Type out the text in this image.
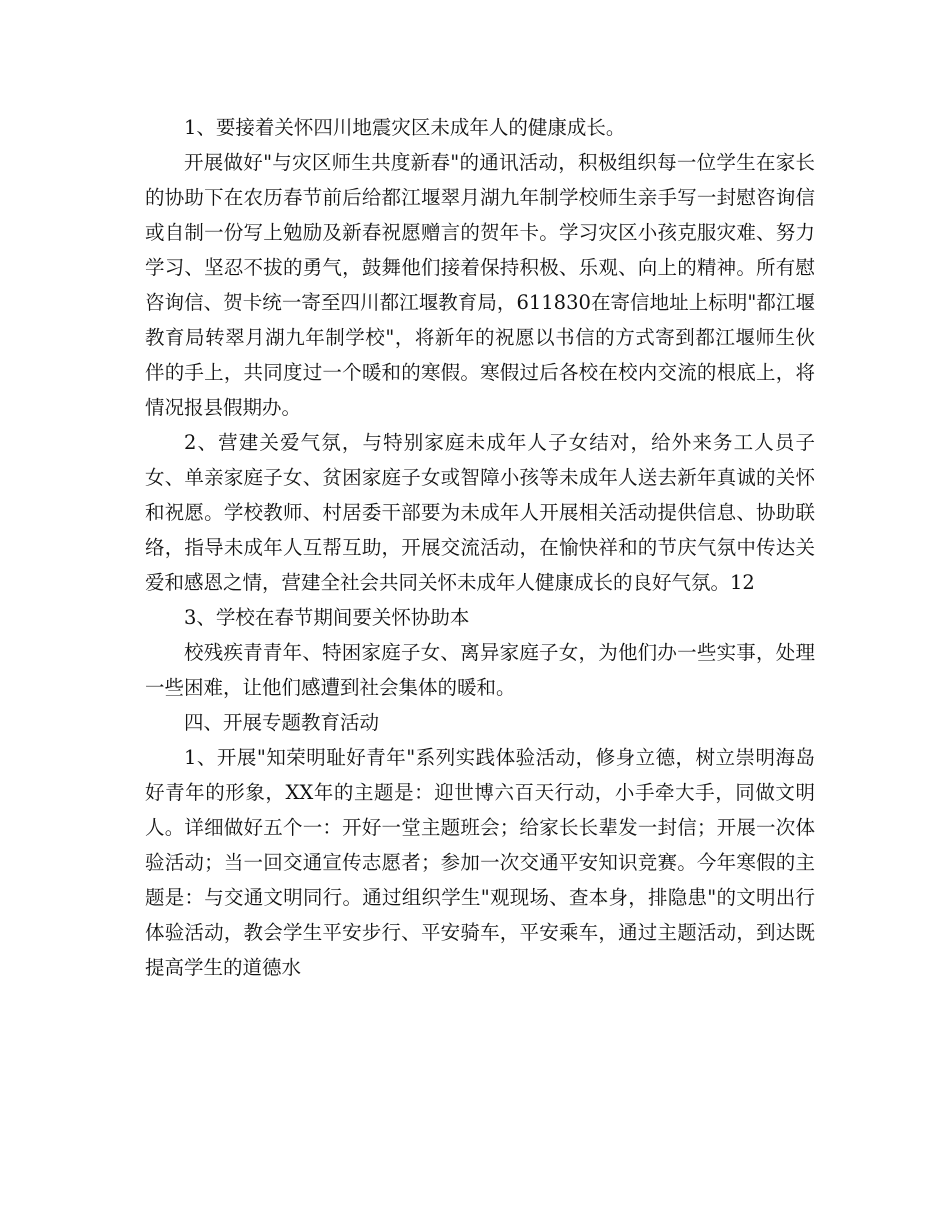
1、要接着关怀四川地震灾区未成年人的健康成长。

开展做好"与灾区师生共度新春"的通讯活动，积极组织每一位学生在家长的协助下在农历春节前后给都江堰翠月湖九年制学校师生亲手写一封慰咨询信或自制一份写上勉励及新春祝愿赠言的贺年卡。学习灾区小孩克服灾难、努力学习、坚忍不拔的勇气，鼓舞他们接着保持积极、乐观、向上的精神。所有慰咨询信、贺卡统一寄至四川都江堰教育局，611830在寄信地址上标明"都江堰教育局转翠月湖九年制学校"，将新年的祝愿以书信的方式寄到都江堰师生伙伴的手上，共同度过一个暖和的寒假。寒假过后各校在校内交流的根底上，将情况报县假期办。

2、营建关爱气氛，与特别家庭未成年人子女结对，给外来务工人员子女、单亲家庭子女、贫困家庭子女或智障小孩等未成年人送去新年真诚的关怀和祝愿。学校教师、村居委干部要为未成年人开展相关活动提供信息、协助联络，指导未成年人互帮互助，开展交流活动，在愉快祥和的节庆气氛中传达关爱和感恩之情，营建全社会共同关怀未成年人健康成长的良好气氛。12

3、学校在春节期间要关怀协助本

校残疾青青年、特困家庭子女、离异家庭子女，为他们办一些实事，处理一些困难，让他们感遭到社会集体的暖和。

四、开展专题教育活动

1、开展"知荣明耻好青年"系列实践体验活动，修身立德，树立崇明海岛好青年的形象，XX年的主题是：迎世博六百天行动，小手牵大手，同做文明人。详细做好五个一：开好一堂主题班会；给家长长辈发一封信；开展一次体验活动；当一回交通宣传志愿者；参加一次交通平安知识竞赛。今年寒假的主题是：与交通文明同行。通过组织学生"观现场、查本身，排隐患"的文明出行体验活动，教会学生平安步行、平安骑车，平安乘车，通过主题活动，到达既提高学生的道德水
